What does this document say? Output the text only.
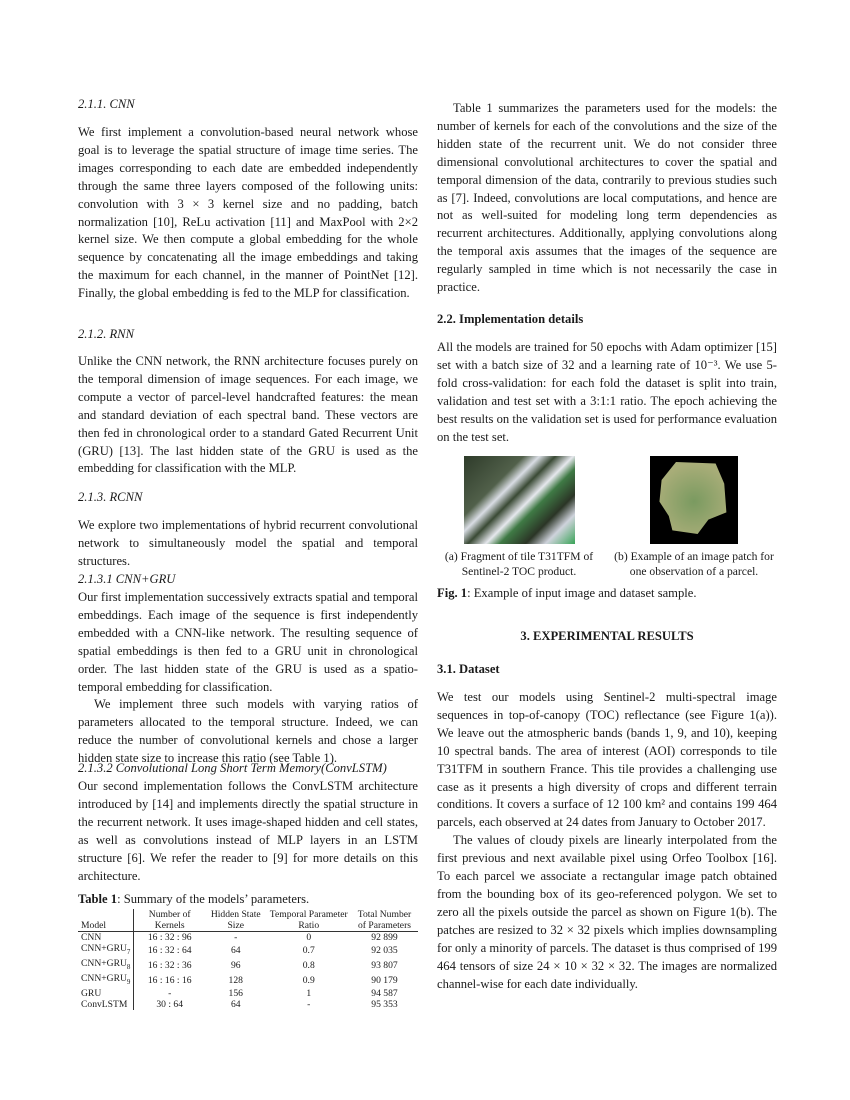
2.1.1. CNN

We first implement a convolution-based neural network whose goal is to leverage the spatial structure of image time series. The images corresponding to each date are embedded independently through the same three layers composed of the following units: convolution with 3 × 3 kernel size and no padding, batch normalization [10], ReLu activation [11] and MaxPool with 2×2 kernel size. We then compute a global embedding for the whole sequence by concatenating all the image embeddings and taking the maximum for each channel, in the manner of PointNet [12]. Finally, the global embedding is fed to the MLP for classification.

2.1.2. RNN

Unlike the CNN network, the RNN architecture focuses purely on the temporal dimension of image sequences. For each image, we compute a vector of parcel-level handcrafted features: the mean and standard deviation of each spectral band. These vectors are then fed in chronological order to a standard Gated Recurrent Unit (GRU) [13]. The last hidden state of the GRU is used as the embedding for classification with the MLP.

2.1.3. RCNN

We explore two implementations of hybrid recurrent convolutional network to simultaneously model the spatial and temporal structures.

2.1.3.1 CNN+GRU

Our first implementation successively extracts spatial and temporal embeddings. Each image of the sequence is first independently embedded with a CNN-like network. The resulting sequence of spatial embeddings is then fed to a GRU unit in chronological order. The last hidden state of the GRU is used as a spatio-temporal embedding for classification.

We implement three such models with varying ratios of parameters allocated to the temporal structure. Indeed, we can reduce the number of convolutional kernels and chose a larger hidden state size to increase this ratio (see Table 1).

2.1.3.2 Convolutional Long Short Term Memory(ConvLSTM)

Our second implementation follows the ConvLSTM architecture introduced by [14] and implements directly the spatial structure in the recurrent network. It uses image-shaped hidden and cell states, as well as convolutions instead of MLP layers in an LSTM structure [6]. We refer the reader to [9] for more details on this architecture.

Table 1: Summary of the models’ parameters.
Model	Number of Kernels	Hidden State Size	Temporal Parameter Ratio	Total Number of Parameters
CNN	16 : 32 : 96	-	0	92 899
$CNN+GRU_7$	16 : 32 : 64	64	0.7	92 035
$CNN+GRU_8$	16 : 32 : 36	96	0.8	93 807
$CNN+GRU_9$	16 : 16 : 16	128	0.9	90 179
GRU	-	156	1	94 587
ConvLSTM	30 : 64	64	-	95 353

Table 1 summarizes the parameters used for the models: the number of kernels for each of the convolutions and the size of the hidden state of the recurrent unit. We do not consider three dimensional convolutional architectures to cover the spatial and temporal dimension of the data, contrarily to previous studies such as [7]. Indeed, convolutions are local computations, and hence are not as well-suited for modeling long term dependencies as recurrent architectures. Additionally, applying convolutions along the temporal axis assumes that the images of the sequence are regularly sampled in time which is not necessarily the case in practice.

2.2. Implementation details

All the models are trained for 50 epochs with Adam optimizer [15] set with a batch size of 32 and a learning rate of 10⁻³. We use 5-fold cross-validation: for each fold the dataset is split into train, validation and test set with a 3:1:1 ratio. The epoch achieving the best results on the validation set is used for performance evaluation on the test set.

(a) Fragment of tile T31TFM of Sentinel-2 TOC product.
(b) Example of an image patch for one observation of a parcel.
Fig. 1: Example of input image and dataset sample.
3. EXPERIMENTAL RESULTS
3.1. Dataset

We test our models using Sentinel-2 multi-spectral image sequences in top-of-canopy (TOC) reflectance (see Figure 1(a)). We leave out the atmospheric bands (bands 1, 9, and 10), keeping 10 spectral bands. The area of interest (AOI) corresponds to tile T31TFM in southern France. This tile provides a challenging use case as it presents a high diversity of crops and different terrain conditions. It covers a surface of 12 100 km² and contains 199 464 parcels, each observed at 24 dates from January to October 2017.

The values of cloudy pixels are linearly interpolated from the first previous and next available pixel using Orfeo Toolbox [16]. To each parcel we associate a rectangular image patch obtained from the bounding box of its geo-referenced polygon. We set to zero all the pixels outside the parcel as shown on Figure 1(b). The patches are resized to 32 × 32 pixels which implies downsampling for only a minority of parcels. The dataset is thus comprised of 199 464 tensors of size 24 × 10 × 32 × 32. The images are normalized channel-wise for each date individually.
